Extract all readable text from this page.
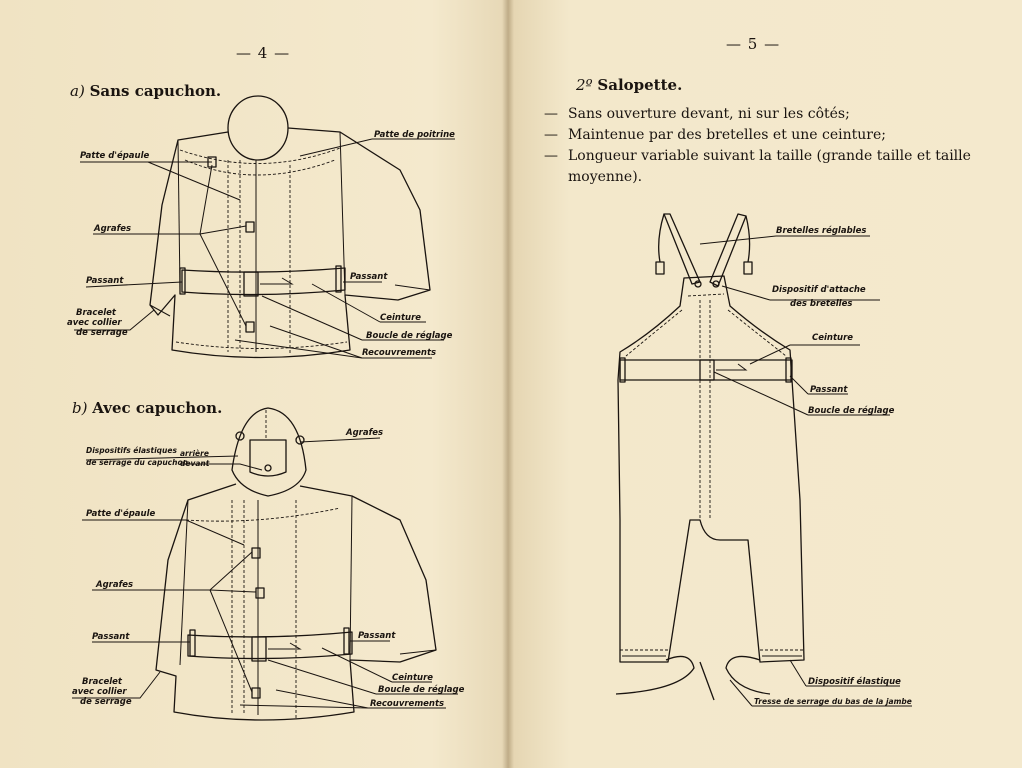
— 4 —
a) Sans capuchon.
b) Avec capuchon.
— 5 —
2º Salopette.
— Sans ouverture devant, ni sur les côtés;
— Maintenue par des bretelles et une ceinture;
— Longueur variable suivant la taille (grande taille et taille moyenne).
Patte de poitrine
Patte d'épaule
Agrafes
Passant	Passant
Bracelet
avec collier
de serrage
Ceinture
Boucle de réglage
Recouvrements
Dispositifs élastiques
de serrage du capuchon
arrière
devant
Agrafes
Patte d'épaule
Agrafes
Passant	Passant
Bracelet
avec collier
de serrage
Ceinture
Boucle de réglage
Recouvrements
Bretelles réglables
Dispositif d'attache
des bretelles
Ceinture
Passant
Boucle de réglage
Dispositif élastique
Tresse de serrage du bas de la jambe
